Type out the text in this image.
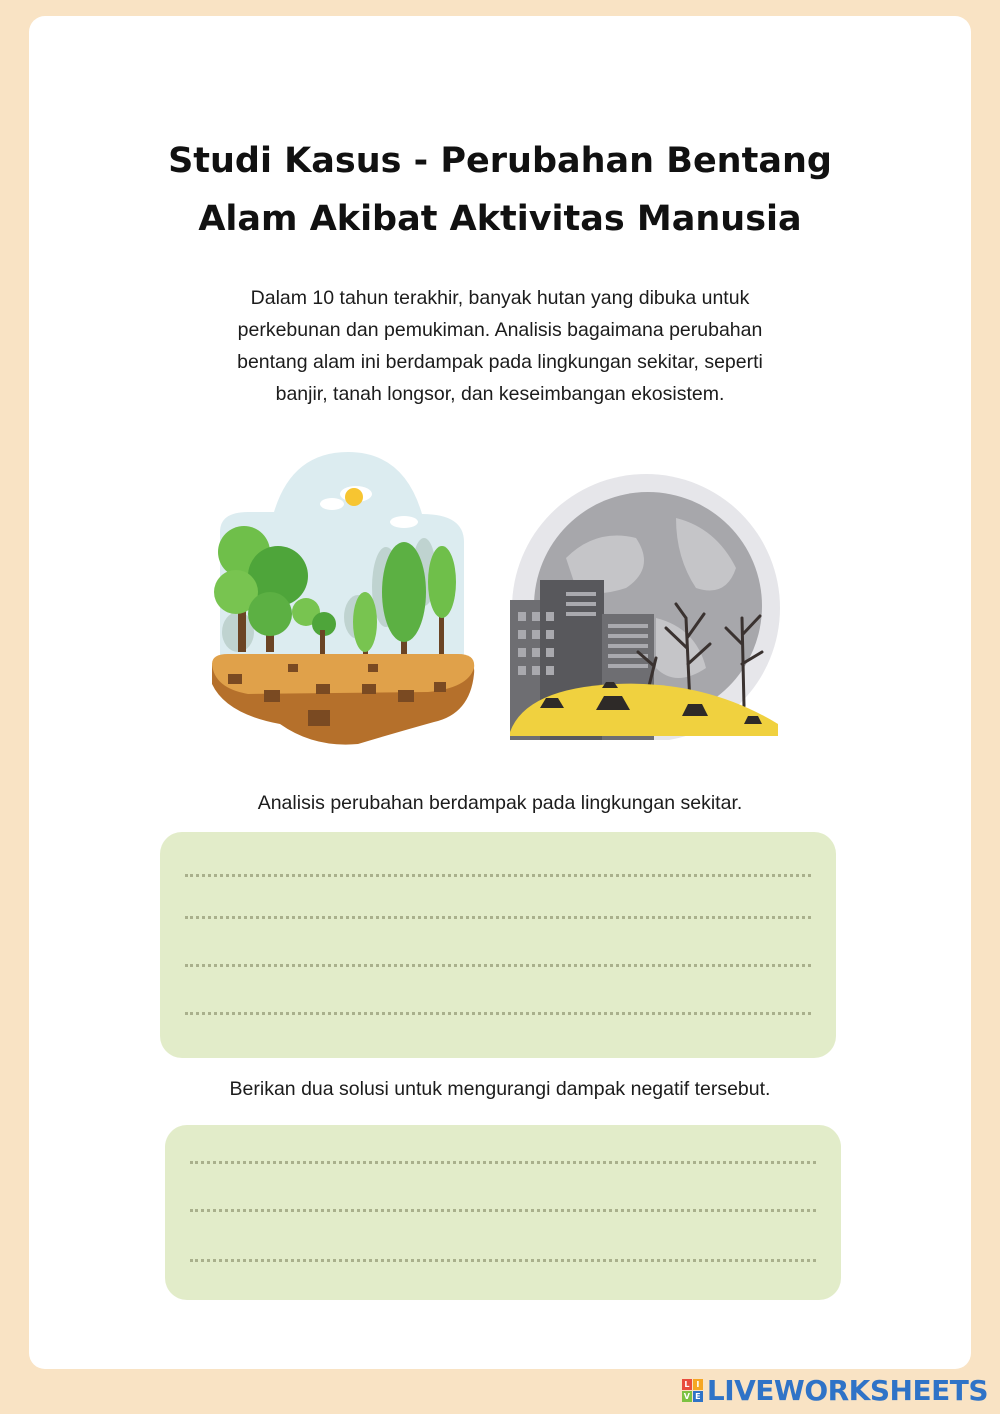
Studi Kasus - Perubahan Bentang
Alam Akibat Aktivitas Manusia

Dalam 10 tahun terakhir, banyak hutan yang dibuka untuk
perkebunan dan pemukiman. Analisis bagaimana perubahan
bentang alam ini berdampak pada lingkungan sekitar, seperti
banjir, tanah longsor, dan keseimbangan ekosistem.

Analisis perubahan berdampak pada lingkungan sekitar.

Berikan dua solusi untuk mengurangi dampak negatif tersebut.

L I
V E LIVEWORKSHEETS
